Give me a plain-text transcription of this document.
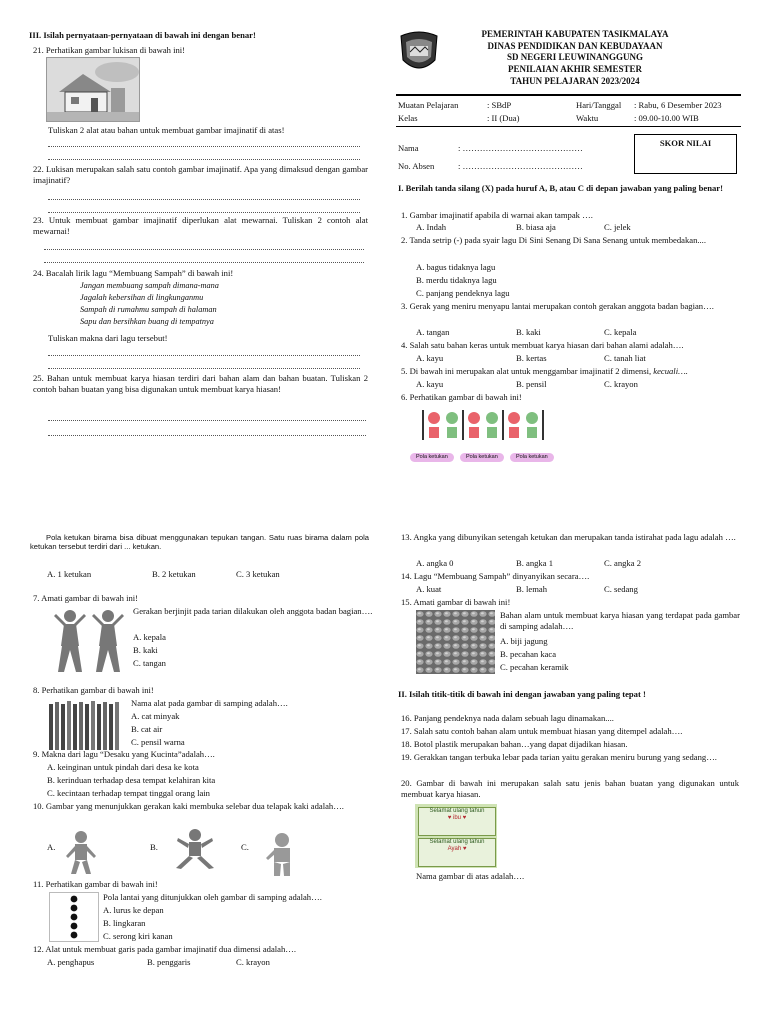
III. Isilah pernyataan-pernyataan di bawah ini dengan benar!
21. Perhatikan gambar lukisan di bawah ini!
Tuliskan 2 alat atau bahan untuk membuat gambar imajinatif di atas!
22. Lukisan merupakan salah satu contoh gambar imajinatif. Apa yang dimaksud dengan gambar imajinatif?
23. Untuk membuat gambar imajinatif diperlukan alat mewarnai. Tuliskan 2 contoh alat mewarnai!
24. Bacalah lirik lagu “Membuang Sampah” di bawah ini!
Jangan membuang sampah dimana-mana
Jagalah kebersihan di lingkunganmu
Sampah di rumahmu sampah di halaman
Sapu dan bersihkan buang di tempatnya
Tuliskan makna dari lagu tersebut!
25. Bahan untuk membuat karya hiasan terdiri dari bahan alam dan bahan buatan. Tuliskan 2 contoh bahan buatan yang bisa digunakan untuk membuat karya hiasan!
PEMERINTAH KABUPATEN TASIKMALAYA
DINAS PENDIDIKAN DAN KEBUDAYAAN
SD NEGERI LEUWINANGGUNG
PENILAIAN AKHIR SEMESTER
TAHUN PELAJARAN 2023/2024
Muatan Pelajaran	: SBdP	Hari/Tanggal : Rabu, 6 Desember 2023
Kelas	: II (Dua)	Waktu	: 09.00-10.00 WIB
Nama	: ……………………………………
No. Absen	: ……………………………………
SKOR NILAI
I. Berilah tanda silang (X) pada huruf A, B, atau C di depan jawaban yang paling benar!
1. Gambar imajinatif apabila di warnai akan tampak ….
A. Indah	B. biasa aja	C. jelek
2. Tanda setrip (-) pada syair lagu Di Sini Senang Di Sana Senang untuk membedakan....
A. bagus tidaknya lagu
B. merdu tidaknya lagu
C. panjang pendeknya lagu
3. Gerak yang meniru menyapu lantai merupakan contoh gerakan anggota badan bagian….
A. tangan	B. kaki	C. kepala
4. Salah satu bahan keras untuk membuat karya hiasan dari bahan alami adalah….
A. kayu	B. kertas	C. tanah liat
5. Di bawah ini merupakan alat untuk menggambar imajinatif 2 dimensi, kecuali….
A. kayu	B. pensil	C. krayon
6. Perhatikan gambar di bawah ini!
Pola ketukan	Pola ketukan	Pola ketukan
Pola ketukan birama bisa dibuat menggunakan tepukan tangan. Satu ruas birama dalam pola ketukan tersebut terdiri dari ... ketukan.
A. 1 ketukan	B. 2 ketukan	C. 3 ketukan
7. Amati gambar di bawah ini!
Gerakan berjinjit pada tarian dilakukan oleh anggota badan bagian….
A. kepala
B. kaki
C. tangan
8. Perhatikan gambar di bawah ini!
Nama alat pada gambar di samping adalah….
A. cat minyak
B. cat air
C. pensil warna
9. Makna dari lagu “Desaku yang Kucinta”adalah….
A. keinginan untuk pindah dari desa ke kota
B. kerinduan terhadap desa tempat kelahiran kita
C. kecintaan terhadap tempat tinggal orang lain
10. Gambar yang menunjukkan gerakan kaki membuka selebar dua telapak kaki adalah….
A.	B.	C.
11. Perhatikan gambar di bawah ini!
Pola lantai yang ditunjukkan oleh gambar di samping adalah….
A. lurus ke depan
B. lingkaran
C. serong kiri kanan
12. Alat untuk membuat garis pada gambar imajinatif dua dimensi adalah….
A. penghapus	B. penggaris	C. krayon
13. Angka yang dibunyikan setengah ketukan dan merupakan tanda istirahat pada lagu adalah ….
A. angka 0	B. angka 1	C. angka 2
14. Lagu “Membuang Sampah” dinyanyikan secara….
A. kuat	B. lemah	C. sedang
15. Amati gambar di bawah ini!
Bahan alam untuk membuat karya hiasan yang terdapat pada gambar di samping adalah….
A. biji jagung
B. pecahan kaca
C. pecahan keramik
II. Isilah titik-titik di bawah ini dengan jawaban yang paling tepat !
16. Panjang pendeknya nada dalam sebuah lagu dinamakan....
17. Salah satu contoh bahan alam untuk membuat hiasan yang ditempel adalah….
18. Botol plastik merupakan bahan…yang dapat dijadikan hiasan.
19. Gerakkan tangan terbuka lebar pada tarian yaitu gerakan meniru burung yang sedang….
20. Gambar di bawah ini merupakan salah satu jenis bahan buatan yang digunakan untuk membuat karya hiasan.
Selamat ulang tahun
♥ ibu ♥
Selamat ulang tahun
Ayah ♥
Nama gambar di atas adalah….
